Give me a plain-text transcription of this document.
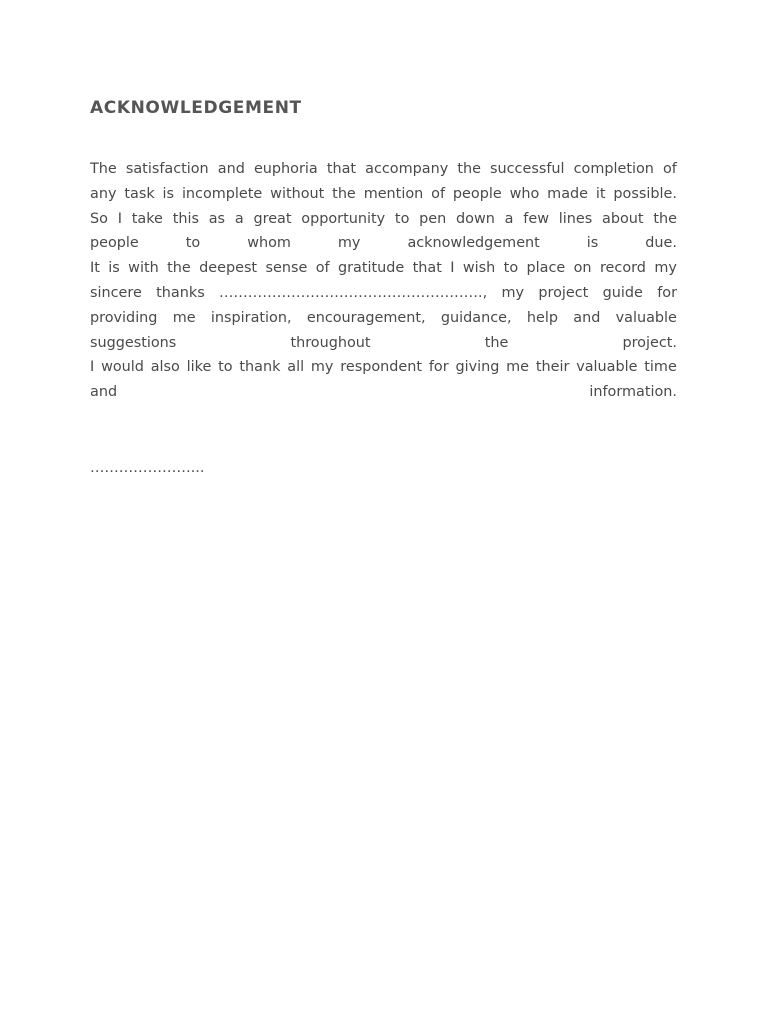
ACKNOWLEDGEMENT
The satisfaction and euphoria that accompany the successful completion of
any task is incomplete without the mention of people who made it possible.
So I take this as a great opportunity to pen down a few lines about the
people	to	whom	my	acknowledgement	is	due.
It is with the deepest sense of gratitude that I wish to place on record my
sincere thanks ………………………………………………., my project guide for
providing me inspiration, encouragement, guidance, help and valuable
suggestions	throughout	the	project.
I would also like to thank all my respondent for giving me their valuable time
and	information.
…………………...
